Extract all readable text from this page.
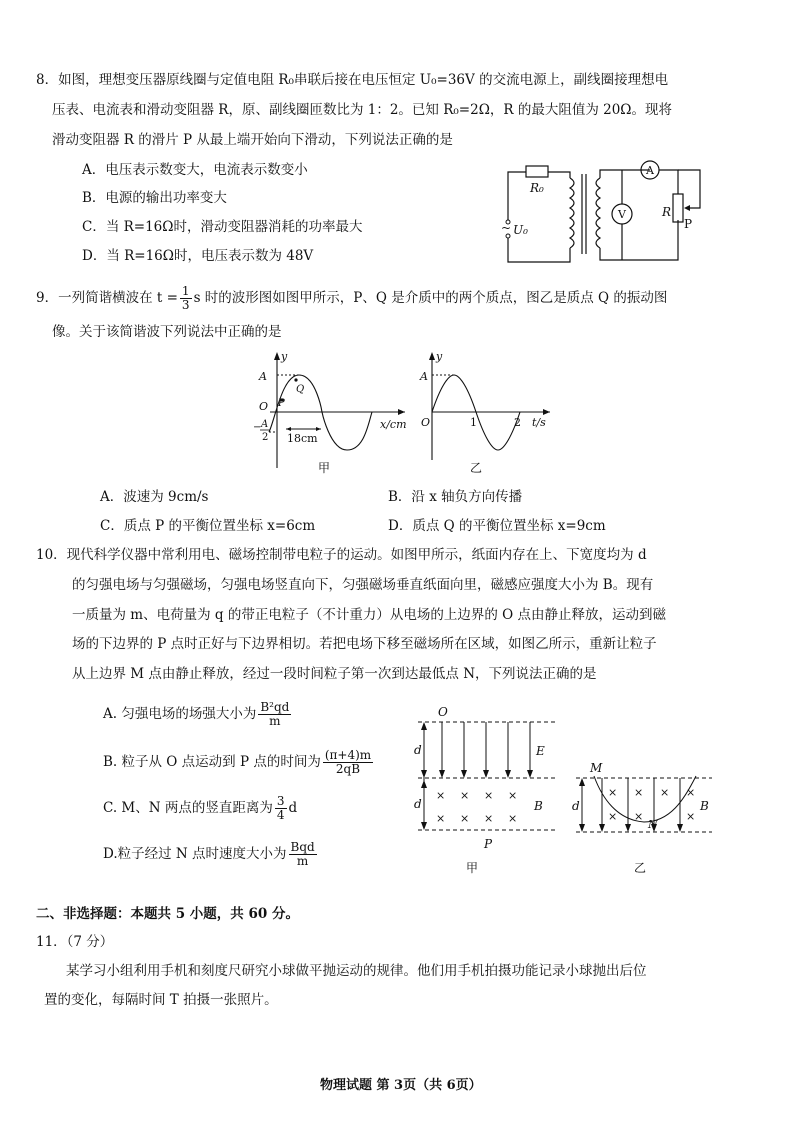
8．如图，理想变压器原线圈与定值电阻 R₀串联后接在电压恒定 U₀=36V 的交流电源上，副线圈接理想电
压表、电流表和滑动变阻器 R，原、副线圈匝数比为 1：2。已知 R₀=2Ω，R 的最大阻值为 20Ω。现将
滑动变阻器 R 的滑片 P 从最上端开始向下滑动，下列说法正确的是
A．电压表示数变大，电流表示数变小
B．电源的输出功率变大
C．当 R=16Ω时，滑动变阻器消耗的功率最大
D．当 R=16Ω时，电压表示数为 48V
R₀
~ U₀
A
V	R
P
9．一列简谐横波在 $t = \frac{1}{3}$ s 时的波形图如图甲所示，P、Q 是介质中的两个质点，图乙是质点 Q 的振动图
像。关于该简谐波下列说法中正确的是
y
A
O P
Q
− A
2 18cm
x/cm
甲
y
A
O	1	2 t/s
乙
A．波速为 9cm/s	B．沿 x 轴负方向传播
C．质点 P 的平衡位置坐标 x=6cm	D．质点 Q 的平衡位置坐标 x=9cm
10．现代科学仪器中常利用电、磁场控制带电粒子的运动。如图甲所示，纸面内存在上、下宽度均为 d
的匀强电场与匀强磁场，匀强电场竖直向下，匀强磁场垂直纸面向里，磁感应强度大小为 B。现有
一质量为 m、电荷量为 q 的带正电粒子（不计重力）从电场的上边界的 O 点由静止释放，运动到磁
场的下边界的 P 点时正好与下边界相切。若把电场下移至磁场所在区域，如图乙所示，重新让粒子
从上边界 M 点由静止释放，经过一段时间粒子第一次到达最低点 N，下列说法正确的是
A. 匀强电场的场强大小为 $\frac{\text{B²qd}}{m}$
B. 粒子从 O 点运动到 P 点的时间为 $\frac{(\pi+4)m}{2qB}$
C. M、N 两点的竖直距离为 $\frac{3}{4}$ d
D.粒子经过 N 点时速度大小为 Bqd
m
O
d
d
E
B
P
甲
× × × ×
× × × ×
M
d
N
B
乙
× × × ×
× ×	×
二、非选择题：本题共 5 小题，共 60 分。
11．（7 分）
某学习小组利用手机和刻度尺研究小球做平抛运动的规律。他们用手机拍摄功能记录小球抛出后位
置的变化，每隔时间 T 拍摄一张照片。
物理试题 第 3页（共 6页）
